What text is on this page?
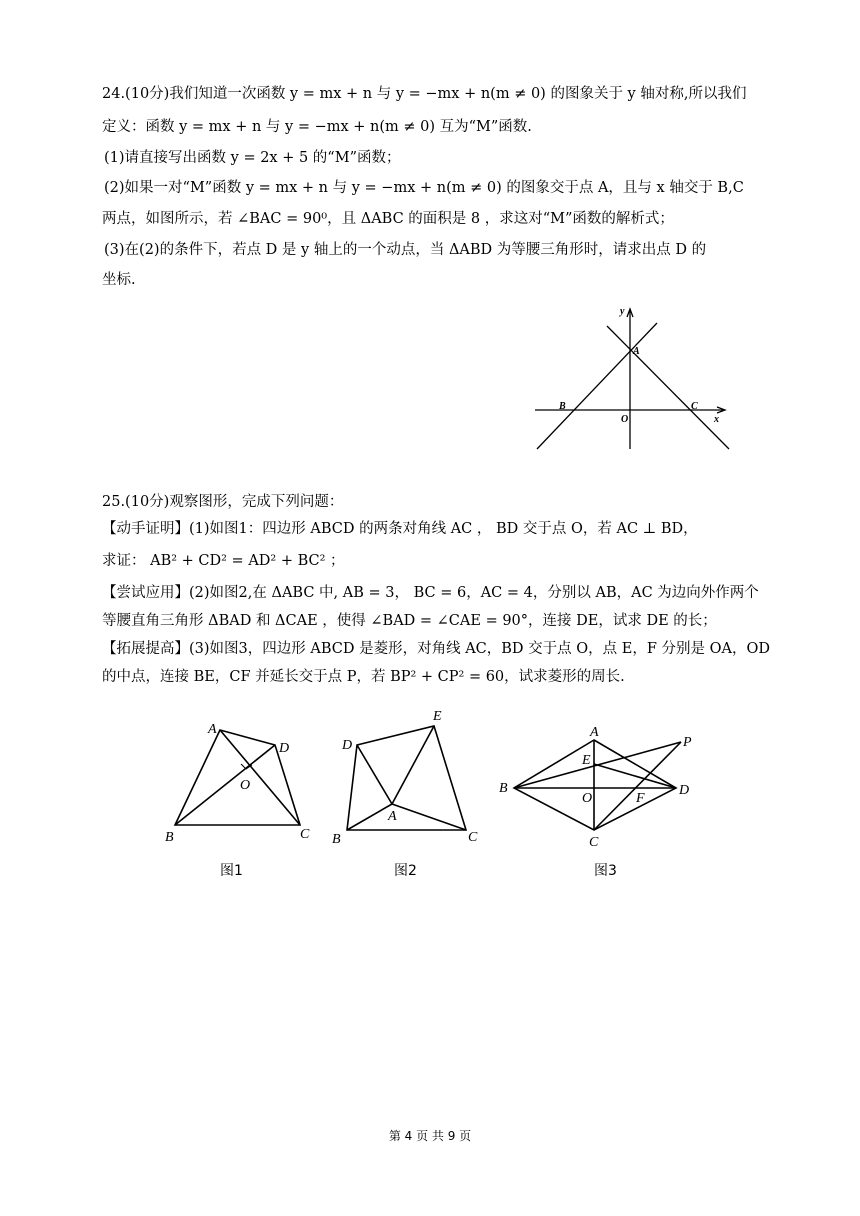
24.(10分)我们知道一次函数 y = mx + n 与 y = −mx + n(m ≠ 0) 的图象关于 y 轴对称,所以我们
定义：函数 y = mx + n 与 y = −mx + n(m ≠ 0) 互为“M”函数.
(1)请直接写出函数 y = 2x + 5 的“M”函数；
(2)如果一对“M”函数 y = mx + n 与 y = −mx + n(m ≠ 0) 的图象交于点 A，且与 x 轴交于 B,C
两点，如图所示，若 ∠BAC = 90⁰，且 ΔABC 的面积是 8 ，求这对“M”函数的解析式；
(3)在(2)的条件下，若点 D 是 y 轴上的一个动点，当 ΔABD 为等腰三角形时，请求出点 D 的
坐标.
y
x
A
B	C
O
25.(10分)观察图形，完成下列问题：
【动手证明】(1)如图1：四边形 ABCD 的两条对角线 AC ， BD 交于点 O，若 AC ⊥ BD，
求证： AB² + CD² = AD² + BC² ；
【尝试应用】(2)如图2,在 ΔABC 中, AB = 3， BC = 6，AC = 4，分别以 AB，AC 为边向外作两个
等腰直角三角形 ΔBAD 和 ΔCAE ，使得 ∠BAD = ∠CAE = 90°，连接 DE，试求 DE 的长；
【拓展提高】(3)如图3，四边形 ABCD 是菱形，对角线 AC，BD 交于点 O，点 E，F 分别是 OA，OD
的中点，连接 BE，CF 并延长交于点 P，若 BP² + CP² = 60，试求菱形的周长.
A
D
O
B	C
图1
E
D
A
B	C
图2
A
P
E
B
O	F
D
C
图3
第 4 页 共 9 页
